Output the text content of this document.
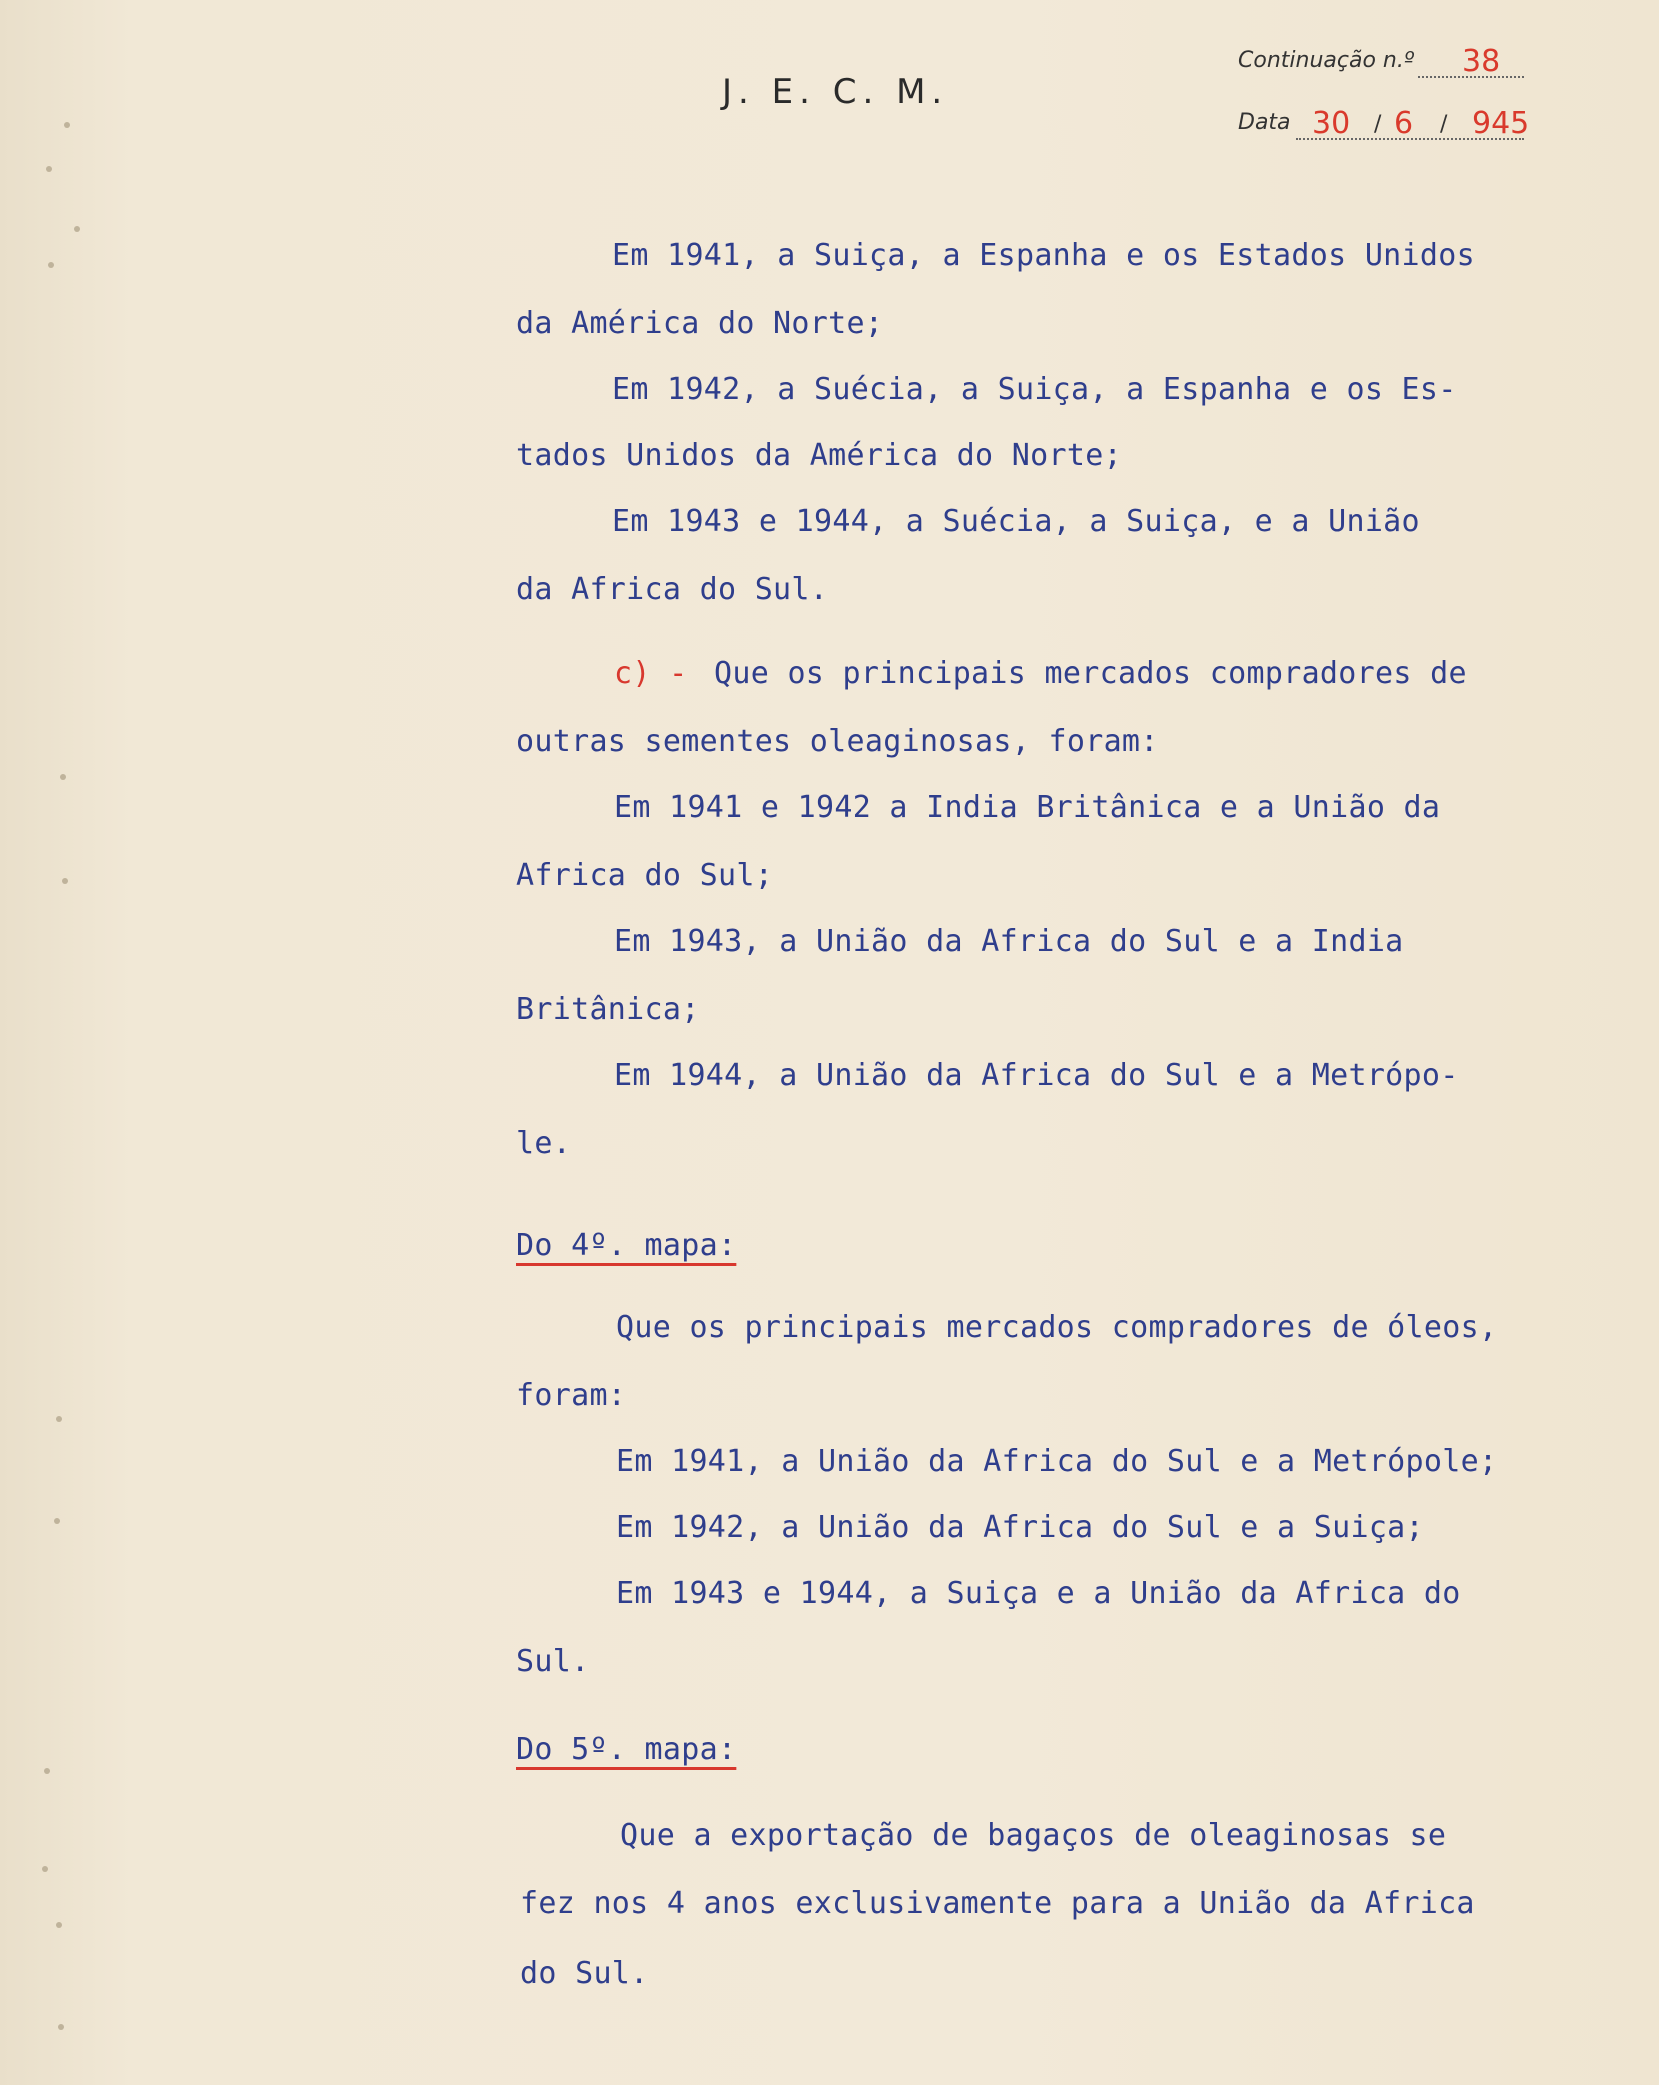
J. E. C. M.
Continuação n.º 38
Data 30 / 6 / 945
Em 1941, a Suiça, a Espanha e os Estados Unidos
da América do Norte;
Em 1942, a Suécia, a Suiça, a Espanha e os Es-
tados Unidos da América do Norte;
Em 1943 e 1944, a Suécia, a Suiça, e a União
da Africa do Sul.
c) - Que os principais mercados compradores de
outras sementes oleaginosas, foram:
Em 1941 e 1942 a India Britânica e a União da
Africa do Sul;
Em 1943, a União da Africa do Sul e a India
Britânica;
Em 1944, a União da Africa do Sul e a Metrópo-
le.
Do 4º. mapa:
Que os principais mercados compradores de óleos,
foram:
Em 1941, a União da Africa do Sul e a Metrópole;
Em 1942, a União da Africa do Sul e a Suiça;
Em 1943 e 1944, a Suiça e a União da Africa do
Sul.
Do 5º. mapa:
Que a exportação de bagaços de oleaginosas se
fez nos 4 anos exclusivamente para a União da Africa
do Sul.
